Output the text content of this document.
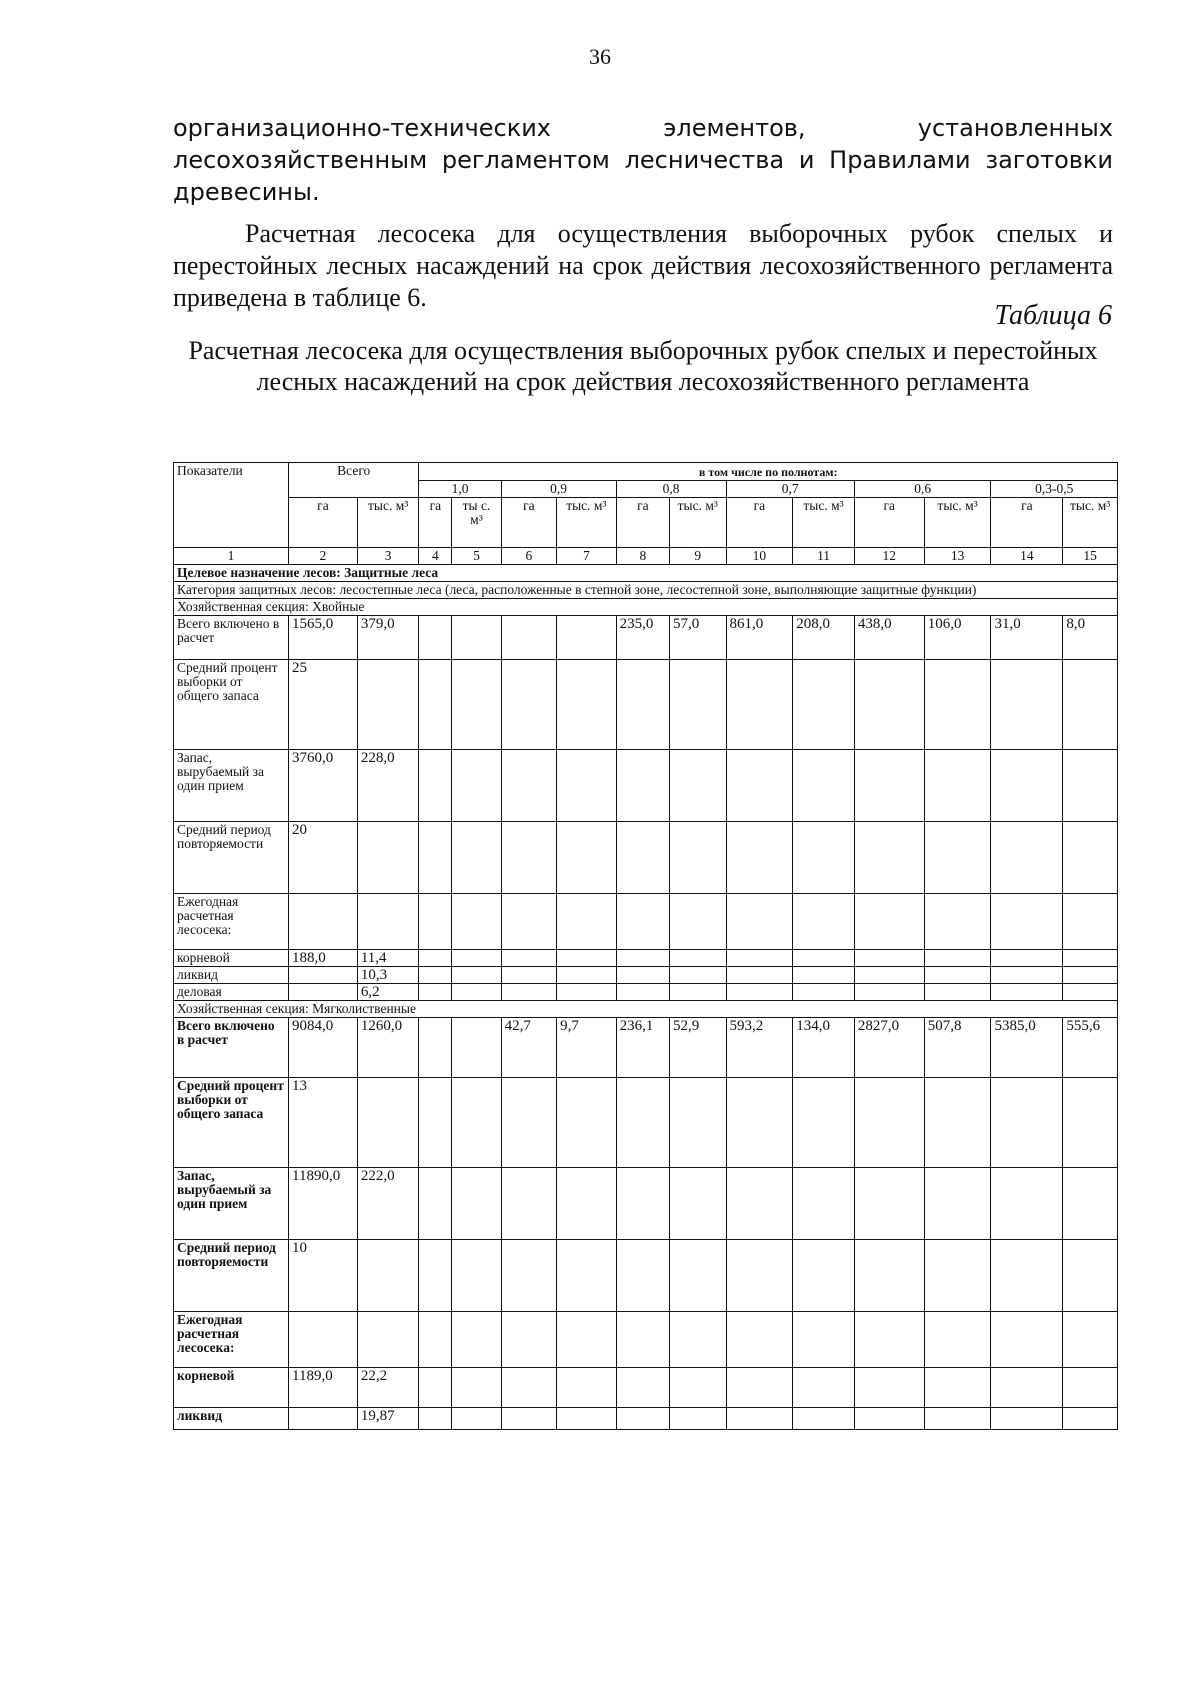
36

организационно-технических элементов, установленных лесохозяйственным регламентом лесничества и Правилами заготовки древесины.

Расчетная лесосека для осуществления выборочных рубок спелых и перестойных лесных насаждений на срок действия лесохозяйственного регламента приведена в таблице 6.

Таблица 6
Расчетная лесосека для осуществления выборочных рубок спелых и перестойных лесных насаждений на срок действия лесохозяйственного регламента
Показатели	Всего		в том числе по полнотам:											
			1,0		0,9		0,8		0,7		0,6		0,3-0,5	
	га	тыс. м³	га	ты с. м³	га	тыс. м³	га	тыс. м³	га	тыс. м³	га	тыс. м³	га	тыс. м³
1	2	3	4	5	6	7	8	9	10	11	12	13	14	15
Целевое назначение лесов: Защитные леса														
Категория защитных лесов: лесостепные леса (леса, расположенные в степной зоне, лесостепной зоне, выполняющие защитные функции)														
Хозяйственная секция: Хвойные														
Всего включено в расчет	1565,0	379,0					235,0	57,0	861,0	208,0	438,0	106,0	31,0	8,0
Средний процент выборки от общего запаса	25													
Запас, вырубаемый за один прием	3760,0	228,0												
Средний период повторяемости	20													
Ежегодная расчетная лесосека:														
корневой	188,0	11,4												
ликвид		10,3												
деловая		6,2												
Хозяйственная секция: Мягколиственные														
Всего включено в расчет	9084,0	1260,0			42,7	9,7	236,1	52,9	593,2	134,0	2827,0	507,8	5385,0	555,6
Средний процент выборки от общего запаса	13													
Запас, вырубаемый за один прием	11890,0	222,0												
Средний период повторяемости	10													
Ежегодная расчетная лесосека:														
корневой	1189,0	22,2												
ликвид		19,87												
